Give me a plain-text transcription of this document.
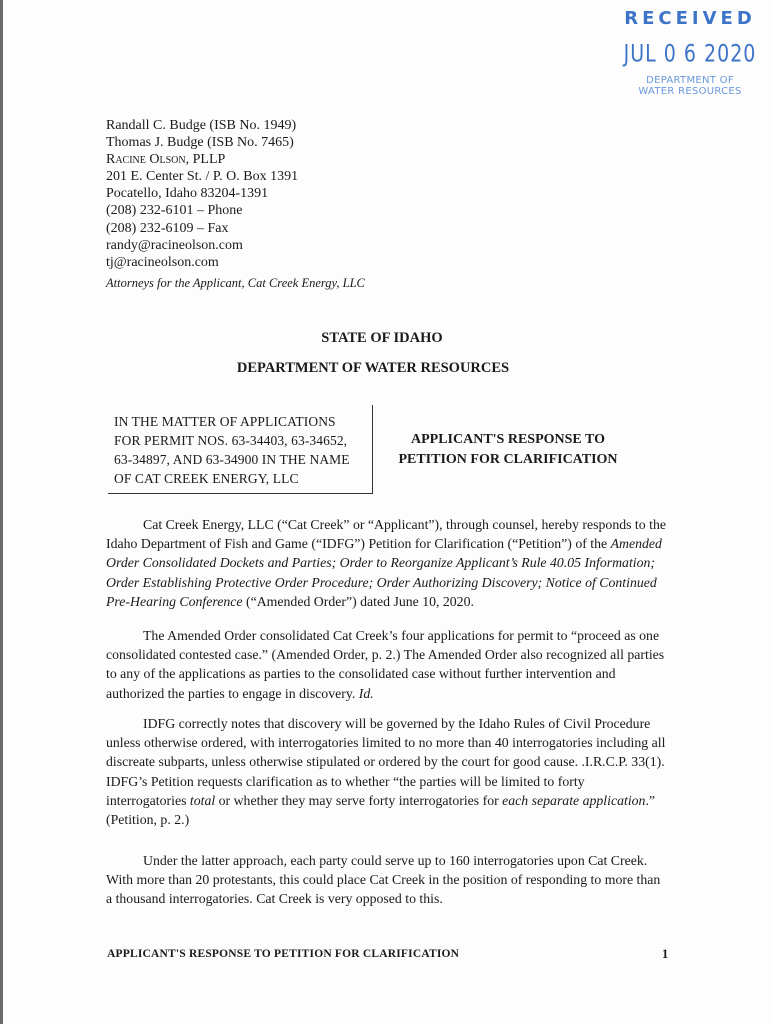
RECEIVED
JUL 0 6 2020
DEPARTMENT OF
WATER RESOURCES
Randall C. Budge (ISB No. 1949)
Thomas J. Budge (ISB No. 7465)
Racine Olson, PLLP
201 E. Center St. / P. O. Box 1391
Pocatello, Idaho 83204-1391
(208) 232-6101 – Phone
(208) 232-6109 – Fax
randy@racineolson.com
tj@racineolson.com
Attorneys for the Applicant, Cat Creek Energy, LLC
STATE OF IDAHO
DEPARTMENT OF WATER RESOURCES
IN THE MATTER OF APPLICATIONS
FOR PERMIT NOS. 63-34403, 63-34652,
63-34897, AND 63-34900 IN THE NAME
OF CAT CREEK ENERGY, LLC
APPLICANT'S RESPONSE TO
PETITION FOR CLARIFICATION
Cat Creek Energy, LLC (“Cat Creek” or “Applicant”), through counsel, hereby responds to the Idaho Department of Fish and Game (“IDFG”) Petition for Clarification (“Petition”) of the Amended Order Consolidated Dockets and Parties; Order to Reorganize Applicant’s Rule 40.05 Information; Order Establishing Protective Order Procedure; Order Authorizing Discovery; Notice of Continued Pre-Hearing Conference (“Amended Order”) dated June 10, 2020.
The Amended Order consolidated Cat Creek’s four applications for permit to “proceed as one consolidated contested case.” (Amended Order, p. 2.) The Amended Order also recognized all parties to any of the applications as parties to the consolidated case without further intervention and authorized the parties to engage in discovery. Id.
IDFG correctly notes that discovery will be governed by the Idaho Rules of Civil Procedure unless otherwise ordered, with interrogatories limited to no more than 40 interrogatories including all discreate subparts, unless otherwise stipulated or ordered by the court for good cause. .I.R.C.P. 33(1). IDFG’s Petition requests clarification as to whether “the parties will be limited to forty interrogatories total or whether they may serve forty interrogatories for each separate application.” (Petition, p. 2.)
Under the latter approach, each party could serve up to 160 interrogatories upon Cat Creek. With more than 20 protestants, this could place Cat Creek in the position of responding to more than a thousand interrogatories. Cat Creek is very opposed to this.
APPLICANT'S RESPONSE TO PETITION FOR CLARIFICATION	1
